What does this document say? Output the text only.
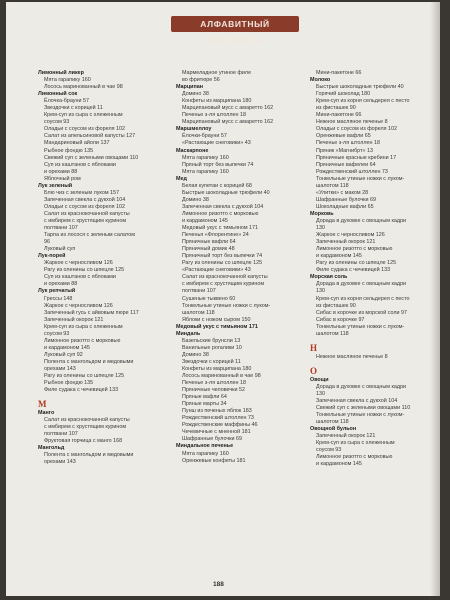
АЛФАВИТНЫЙ УКАЗАТЕЛЬ
Лимонный ликер
Мята гарапику 160
Лосось маринованный в чае 98
Лимонный сок
Ёлочка-брауни 57
Звездочки с корицей 11
Крем-суп из сыра с хлеженным
соусом 93
Оладьи с соусом из фореля 102
Салат из апельсиновой капусты 127
Мандариновый айоли 137
Рыбное фондю 135
Свежий суп с зелеными овощами 110
Суп из каштанов с яблоками
и орехами 88
Яблочный ром
Лук зеленый
Блю чиз с зеленым луком 157
Запеченная свекла с дукхой 104
Оладьи с соусом из фореля 102
Салат из краснокочанной капусты
с имбирем с хрустящим курином
полтвани 107
Тарпа из лосося с зеленым салатом
96
Луковый суп
Лук-порей
Жаркое с черносливом 126
Рагу из оленины со шпецле 125
Суп из каштанов с яблоками
и орехами 88
Лук репчатый
Грессы 148
Жаркое с черносливом 126
Запеченный гусь с айвовым пюре 117
Запеченный окорок 121
Крем-суп из сыра с хлеженным
соусом 93
Лимонное ризотто с морковью
и кардамоном 145
Луковый суп 92
Полента с мангольдом и медовыми
орехами 143
Рагу из оленины со шпецле 125
Рыбное фондю 135
Филе судака с чечевицей 133
М
Манго
Салат из краснокочанной капусты
с имбирем с хрустящим курином
полтвани 107
Фруктовая горчица с манго 168
Мангольд
Полента с мангольдом и медовыми
орехами 143
Мармеладное утиное филе
во фритюре 56
Марципан
Домино 38
Конфеты из марципана 180
Марципановый мусс с амаретто 162
Печенье з-ля штоллен 18
Марципановый мусс с амаретто 162
Маршмеллоу
Ёлочки-брауни 57
«Растающие снеговики» 43
Маскарпоне
Мята гарапику 160
Пряный торт без выпечки 74
Мята гарапику 160
Мед
Белая купетаи с корицей 68
Быстрые шоколадные трюфели 40
Домино 38
Запеченная свекла с дукхой 104
Лимонное ризотто с морковью
и кардамоном 145
Медовый укус с тимьяном 171
Печенья «Флорентине» 24
Пряничные вафли 64
Пряничный домик 48
Пряничный торт без выпечки 74
Рагу из оленины со шпецле 125
«Растающие снеговики» 43
Салат из краснокочанной капусты
с имбирем с хрустящим курином
полтвани 107
Сушеные тыквено 60
Тонкельные утиные ножки с луком-
шалотом 118
Яблоки с ножом сыром 150
Медовый укус с тимьяном 171
Миндаль
Базельские брунсли 13
Ванильные рогалики 10
Домино 38
Звездочки с корицей 11
Конфеты из марципана 180
Лосось маринованный в чае 98
Печенье з-ля штоллен 18
Пряничные человечки 52
Пряные вафли 64
Пряные марты 34
Пунш из печеных яблок 183
Рождественский штоллен 73
Рождественские маффины 46
Чечевичные с мненной 181
Шафранные булочки 69
Миндальное печенье
Мята гарапику 160
Оренжевые конфеты 181
Мини-пакетоне 66
Молоко
Быстрые шоколадные трюфели 40
Горячий шоколад 180
Крем-суп из корня сельдерея с песто
из фисташек 90
Мини-пакетоне 66
Нежное масляное печенье 8
Оладьи с соусом из фореля 102
Оренжевые вафли 65
Печенье з-ля штоллен 18
Пряник «Магнибрт» 13
Пряничные красные кребини 17
Пряничные вафелеи 64
Рождественский штоллен 73
Тонкельные утиные ножки с луком-
шалотом 118
«Улитки» с маком 28
Шафранные булочки 69
Шоколадные вафли 65
Морковь
Дорада в духовке с овощным кадри
130
Жаркое с черносливом 126
Запеченный окорок 121
Лимонное ризотто с морковью
и кардамоном 145
Рагу из оленины со шпецле 125
Филе судака с чечевицей 133
Морская соль
Дорада в духовке с овощным кадри
130
Крем-суп из корня сельдерея с песто
из фисташек 90
Сибас в корочке из морской соли 97
Сибас в корочке 97
Тонкельные утиные ножки с луком-
шалотом 118
Н
Нежное масляное печенье 8
О
Овощи
Дорада в духовке с овощным кадри
130
Запеченная свекла с дукхой 104
Свежий суп с зелеными овощами 110
Тонкельные утиные ножки с луком-
шалотом 118
Овощной бульон
Запеченный окорок 121
Крем-суп из сыра с хлеженным
соусом 93
Лимонное ризотто с морковью
и кардамоном 145
188
